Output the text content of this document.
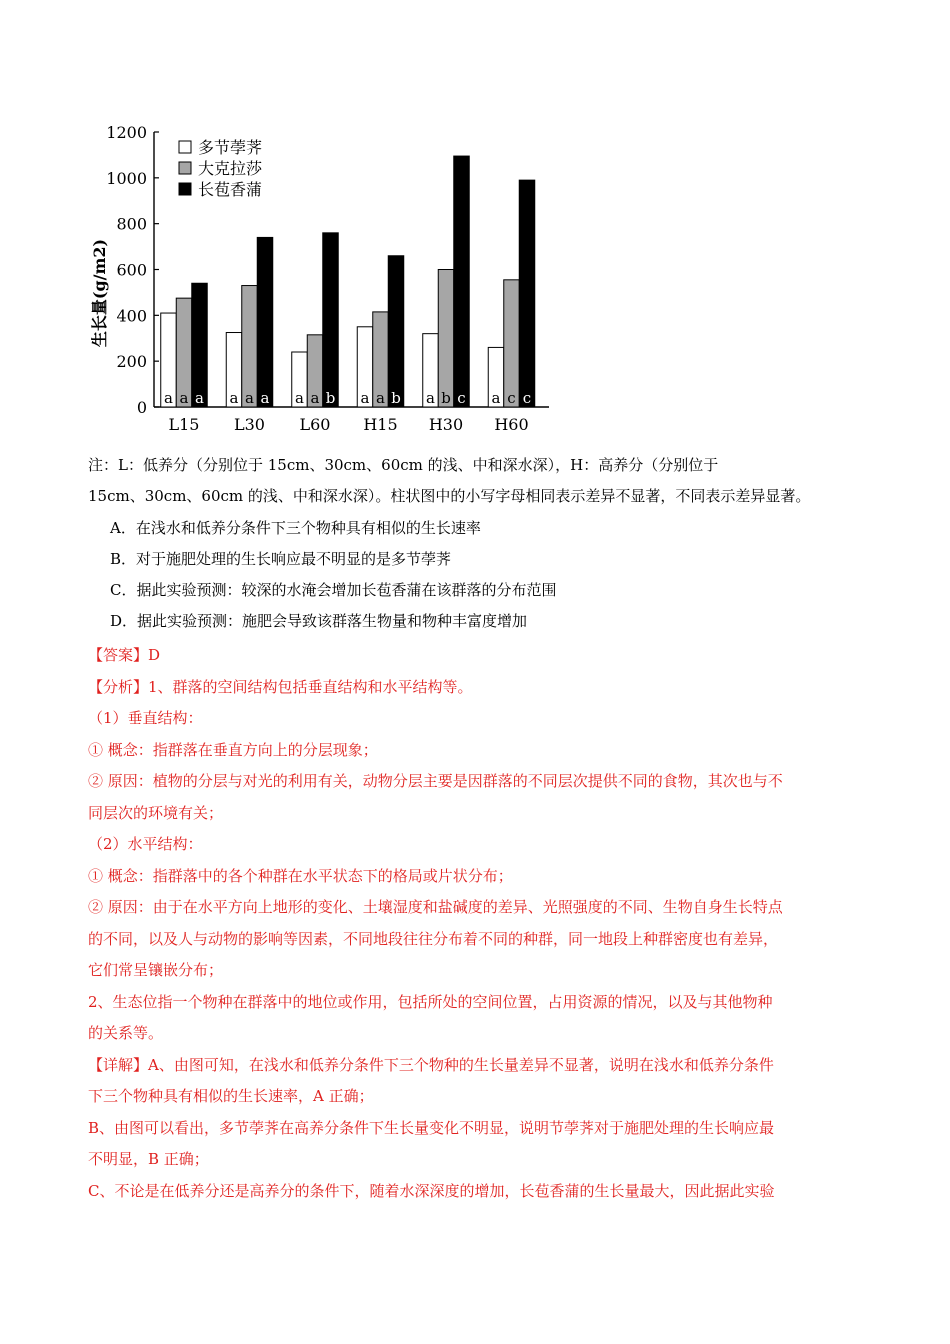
0
200
400
600
800
1000
1200
L15 L30 L60 H15 H30 H60
a a a a a a a a b a a b a b c a c c
多节荸荠
大克拉莎
长苞香蒲
生长量(g/m2)

注：L：低养分（分别位于 15cm、30cm、60cm 的浅、中和深水深），H：高养分（分别位于

15cm、30cm、60cm 的浅、中和深水深）。柱状图中的小写字母相同表示差异不显著，不同表示差异显著。

A．在浅水和低养分条件下三个物种具有相似的生长速率

B．对于施肥处理的生长响应最不明显的是多节荸荠

C．据此实验预测：较深的水淹会增加长苞香蒲在该群落的分布范围

D．据此实验预测：施肥会导致该群落生物量和物种丰富度增加

【答案】D

【分析】1、群落的空间结构包括垂直结构和水平结构等。

（1）垂直结构：

① 概念：指群落在垂直方向上的分层现象；

② 原因：植物的分层与对光的利用有关，动物分层主要是因群落的不同层次提供不同的食物，其次也与不

同层次的环境有关；

（2）水平结构：

① 概念：指群落中的各个种群在水平状态下的格局或片状分布；

② 原因：由于在水平方向上地形的变化、土壤湿度和盐碱度的差异、光照强度的不同、生物自身生长特点

的不同，以及人与动物的影响等因素，不同地段往往分布着不同的种群，同一地段上种群密度也有差异，

它们常呈镶嵌分布；

2、生态位指一个物种在群落中的地位或作用，包括所处的空间位置，占用资源的情况，以及与其他物种

的关系等。

【详解】A、由图可知，在浅水和低养分条件下三个物种的生长量差异不显著，说明在浅水和低养分条件

下三个物种具有相似的生长速率，A 正确；

B、由图可以看出，多节荸荠在高养分条件下生长量变化不明显，说明节荸荠对于施肥处理的生长响应最

不明显，B 正确；

C、不论是在低养分还是高养分的条件下，随着水深深度的增加，长苞香蒲的生长量最大，因此据此实验
